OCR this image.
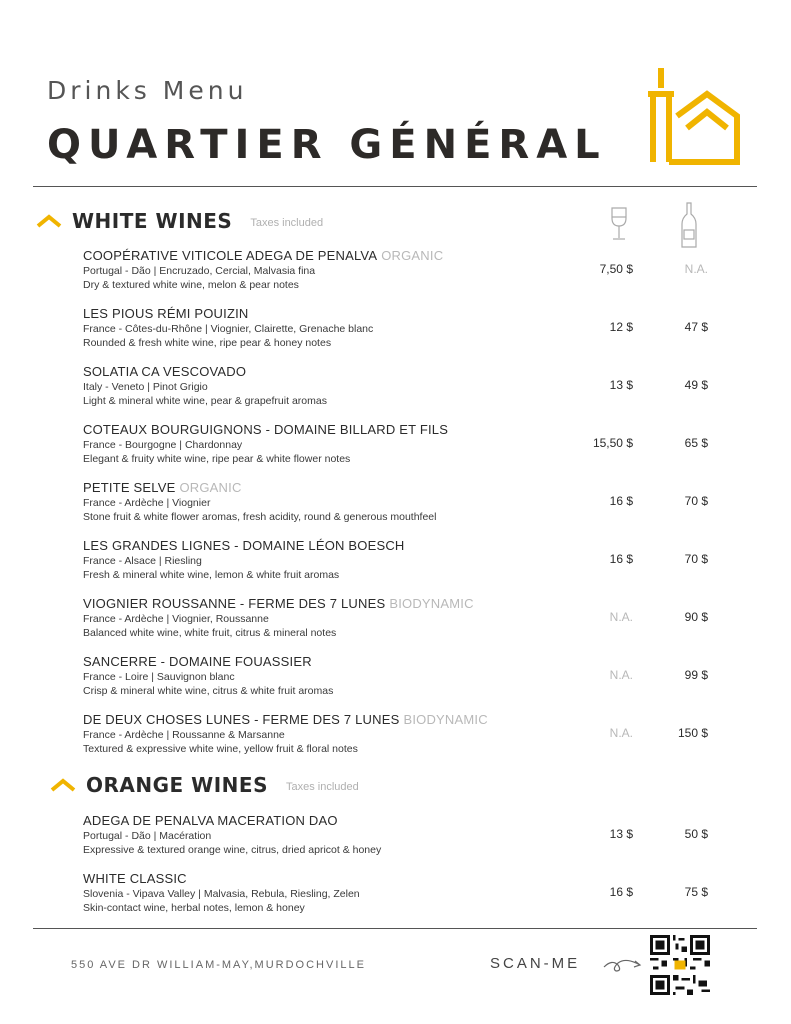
Drinks Menu
QUARTIER GÉNÉRAL
WHITE WINES Taxes included
COOPÉRATIVE VITICOLE ADEGA DE PENALVA ORGANIC
Portugal - Dão | Encruzado, Cercial, Malvasia fina
Dry & textured white wine, melon & pear notes
7,50 $	N.A.
LES PIOUS RÉMI POUIZIN
France - Côtes-du-Rhône | Viognier, Clairette, Grenache blanc
Rounded & fresh white wine, ripe pear & honey notes
12 $	47 $
SOLATIA CA VESCOVADO
Italy - Veneto | Pinot Grigio
Light & mineral white wine, pear & grapefruit aromas
13 $	49 $
COTEAUX BOURGUIGNONS - DOMAINE BILLARD ET FILS
France - Bourgogne | Chardonnay
Elegant & fruity white wine, ripe pear & white flower notes
15,50 $	65 $
PETITE SELVE ORGANIC
France - Ardèche | Viognier
Stone fruit & white flower aromas, fresh acidity, round & generous mouthfeel
16 $	70 $
LES GRANDES LIGNES - DOMAINE LÉON BOESCH
France - Alsace | Riesling
Fresh & mineral white wine, lemon & white fruit aromas
16 $	70 $
VIOGNIER ROUSSANNE - FERME DES 7 LUNES BIODYNAMIC
France - Ardèche | Viognier, Roussanne
Balanced white wine, white fruit, citrus & mineral notes
N.A.	90 $
SANCERRE - DOMAINE FOUASSIER
France - Loire | Sauvignon blanc
Crisp & mineral white wine, citrus & white fruit aromas
N.A.	99 $
DE DEUX CHOSES LUNES - FERME DES 7 LUNES BIODYNAMIC
France - Ardèche | Roussanne & Marsanne
Textured & expressive white wine, yellow fruit & floral notes
N.A.	150 $
ORANGE WINES Taxes included
ADEGA DE PENALVA MACERATION DAO
Portugal - Dão | Macération
Expressive & textured orange wine, citrus, dried apricot & honey
13 $	50 $
WHITE CLASSIC
Slovenia - Vipava Valley | Malvasia, Rebula, Riesling, Zelen
Skin-contact wine, herbal notes, lemon & honey
16 $	75 $
550 AVE DR WILLIAM-MAY,MURDOCHVILLE	SCAN-ME
